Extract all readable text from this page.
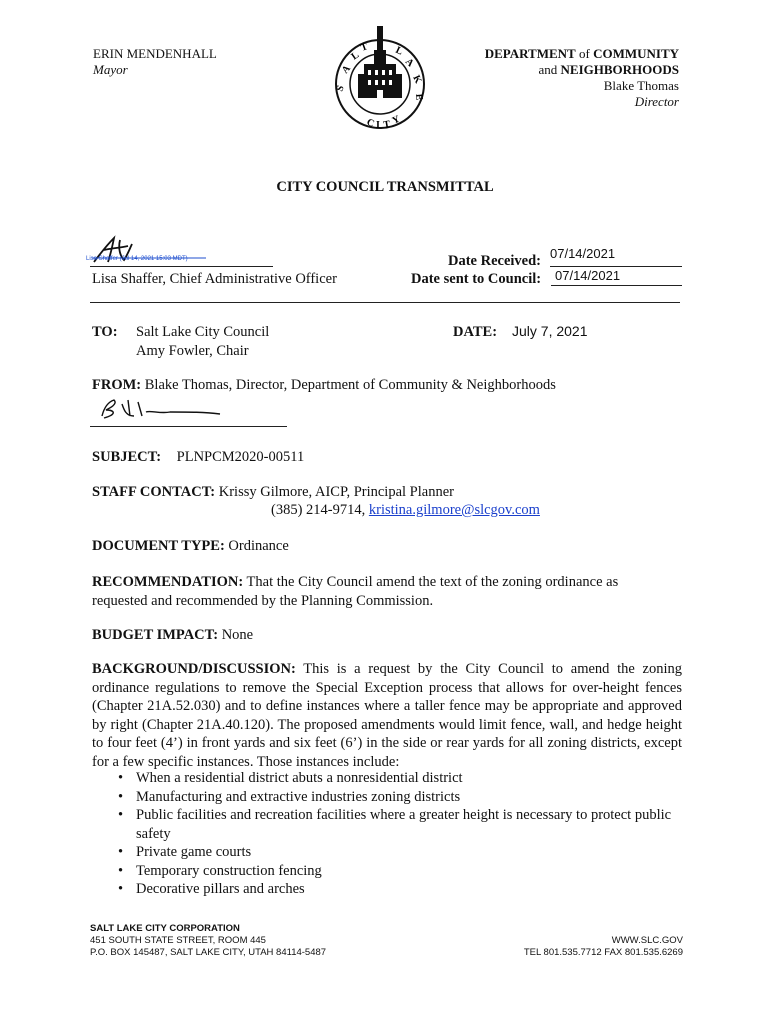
ERIN MENDENHALL
Mayor
S
A
L
T L
A
K
E
C I T Y
DEPARTMENT of COMMUNITY
and NEIGHBORHOODS
Blake Thomas
Director
CITY COUNCIL TRANSMITTAL
Lisa Shaffer (Jul 14, 2021 15:03 MDT)
Lisa Shaffer, Chief Administrative Officer
Date Received: 07/14/2021
Date sent to Council: 07/14/2021
TO: Salt Lake City Council
Amy Fowler, Chair
DATE: July 7, 2021
FROM: Blake Thomas, Director, Department of Community & Neighborhoods
SUBJECT: PLNPCM2020-00511
STAFF CONTACT: Krissy Gilmore, AICP, Principal Planner
(385) 214-9714, kristina.gilmore@slcgov.com
DOCUMENT TYPE: Ordinance
RECOMMENDATION: That the City Council amend the text of the zoning ordinance as requested and recommended by the Planning Commission.
BUDGET IMPACT: None
BACKGROUND/DISCUSSION: This is a request by the City Council to amend the zoning ordinance regulations to remove the Special Exception process that allows for over-height fences (Chapter 21A.52.030) and to define instances where a taller fence may be appropriate and approved by right (Chapter 21A.40.120). The proposed amendments would limit fence, wall, and hedge height to four feet (4’) in front yards and six feet (6’) in the side or rear yards for all zoning districts, except for a few specific instances. Those instances include:
• When a residential district abuts a nonresidential district
• Manufacturing and extractive industries zoning districts
• Public facilities and recreation facilities where a greater height is necessary to protect public safety
• Private game courts
• Temporary construction fencing
• Decorative pillars and arches
SALT LAKE CITY CORPORATION
451 SOUTH STATE STREET, ROOM 445
P.O. BOX 145487, SALT LAKE CITY, UTAH 84114-5487
WWW.SLC.GOV
TEL 801.535.7712 FAX 801.535.6269
